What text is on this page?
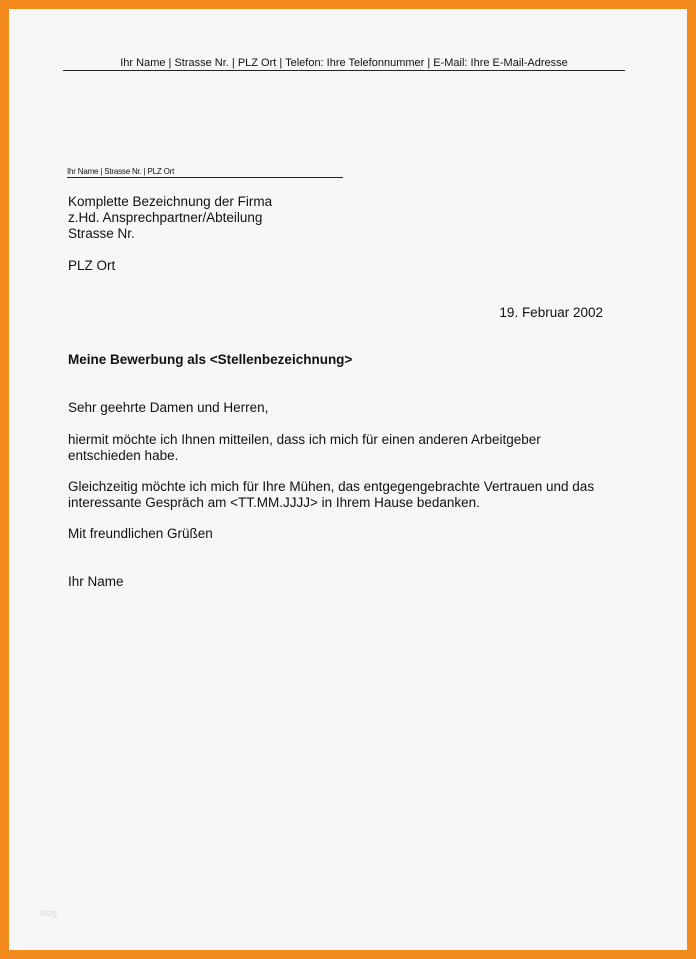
Ihr Name | Strasse Nr. | PLZ Ort | Telefon: Ihre Telefonnummer | E-Mail: Ihre E-Mail-Adresse
Ihr Name | Strasse Nr. | PLZ Ort
Komplette Bezeichnung der Firma
z.Hd. Ansprechpartner/Abteilung
Strasse Nr.
PLZ Ort
19. Februar 2002
Meine Bewerbung als <Stellenbezeichnung>
Sehr geehrte Damen und Herren,
hiermit möchte ich Ihnen mitteilen, dass ich mich für einen anderen Arbeitgeber
entschieden habe.
Gleichzeitig möchte ich mich für Ihre Mühen, das entgegengebrachte Vertrauen und das
interessante Gespräch am <TT.MM.JJJJ> in Ihrem Hause bedanken.
Mit freundlichen Grüßen
Ihr Name
blog
